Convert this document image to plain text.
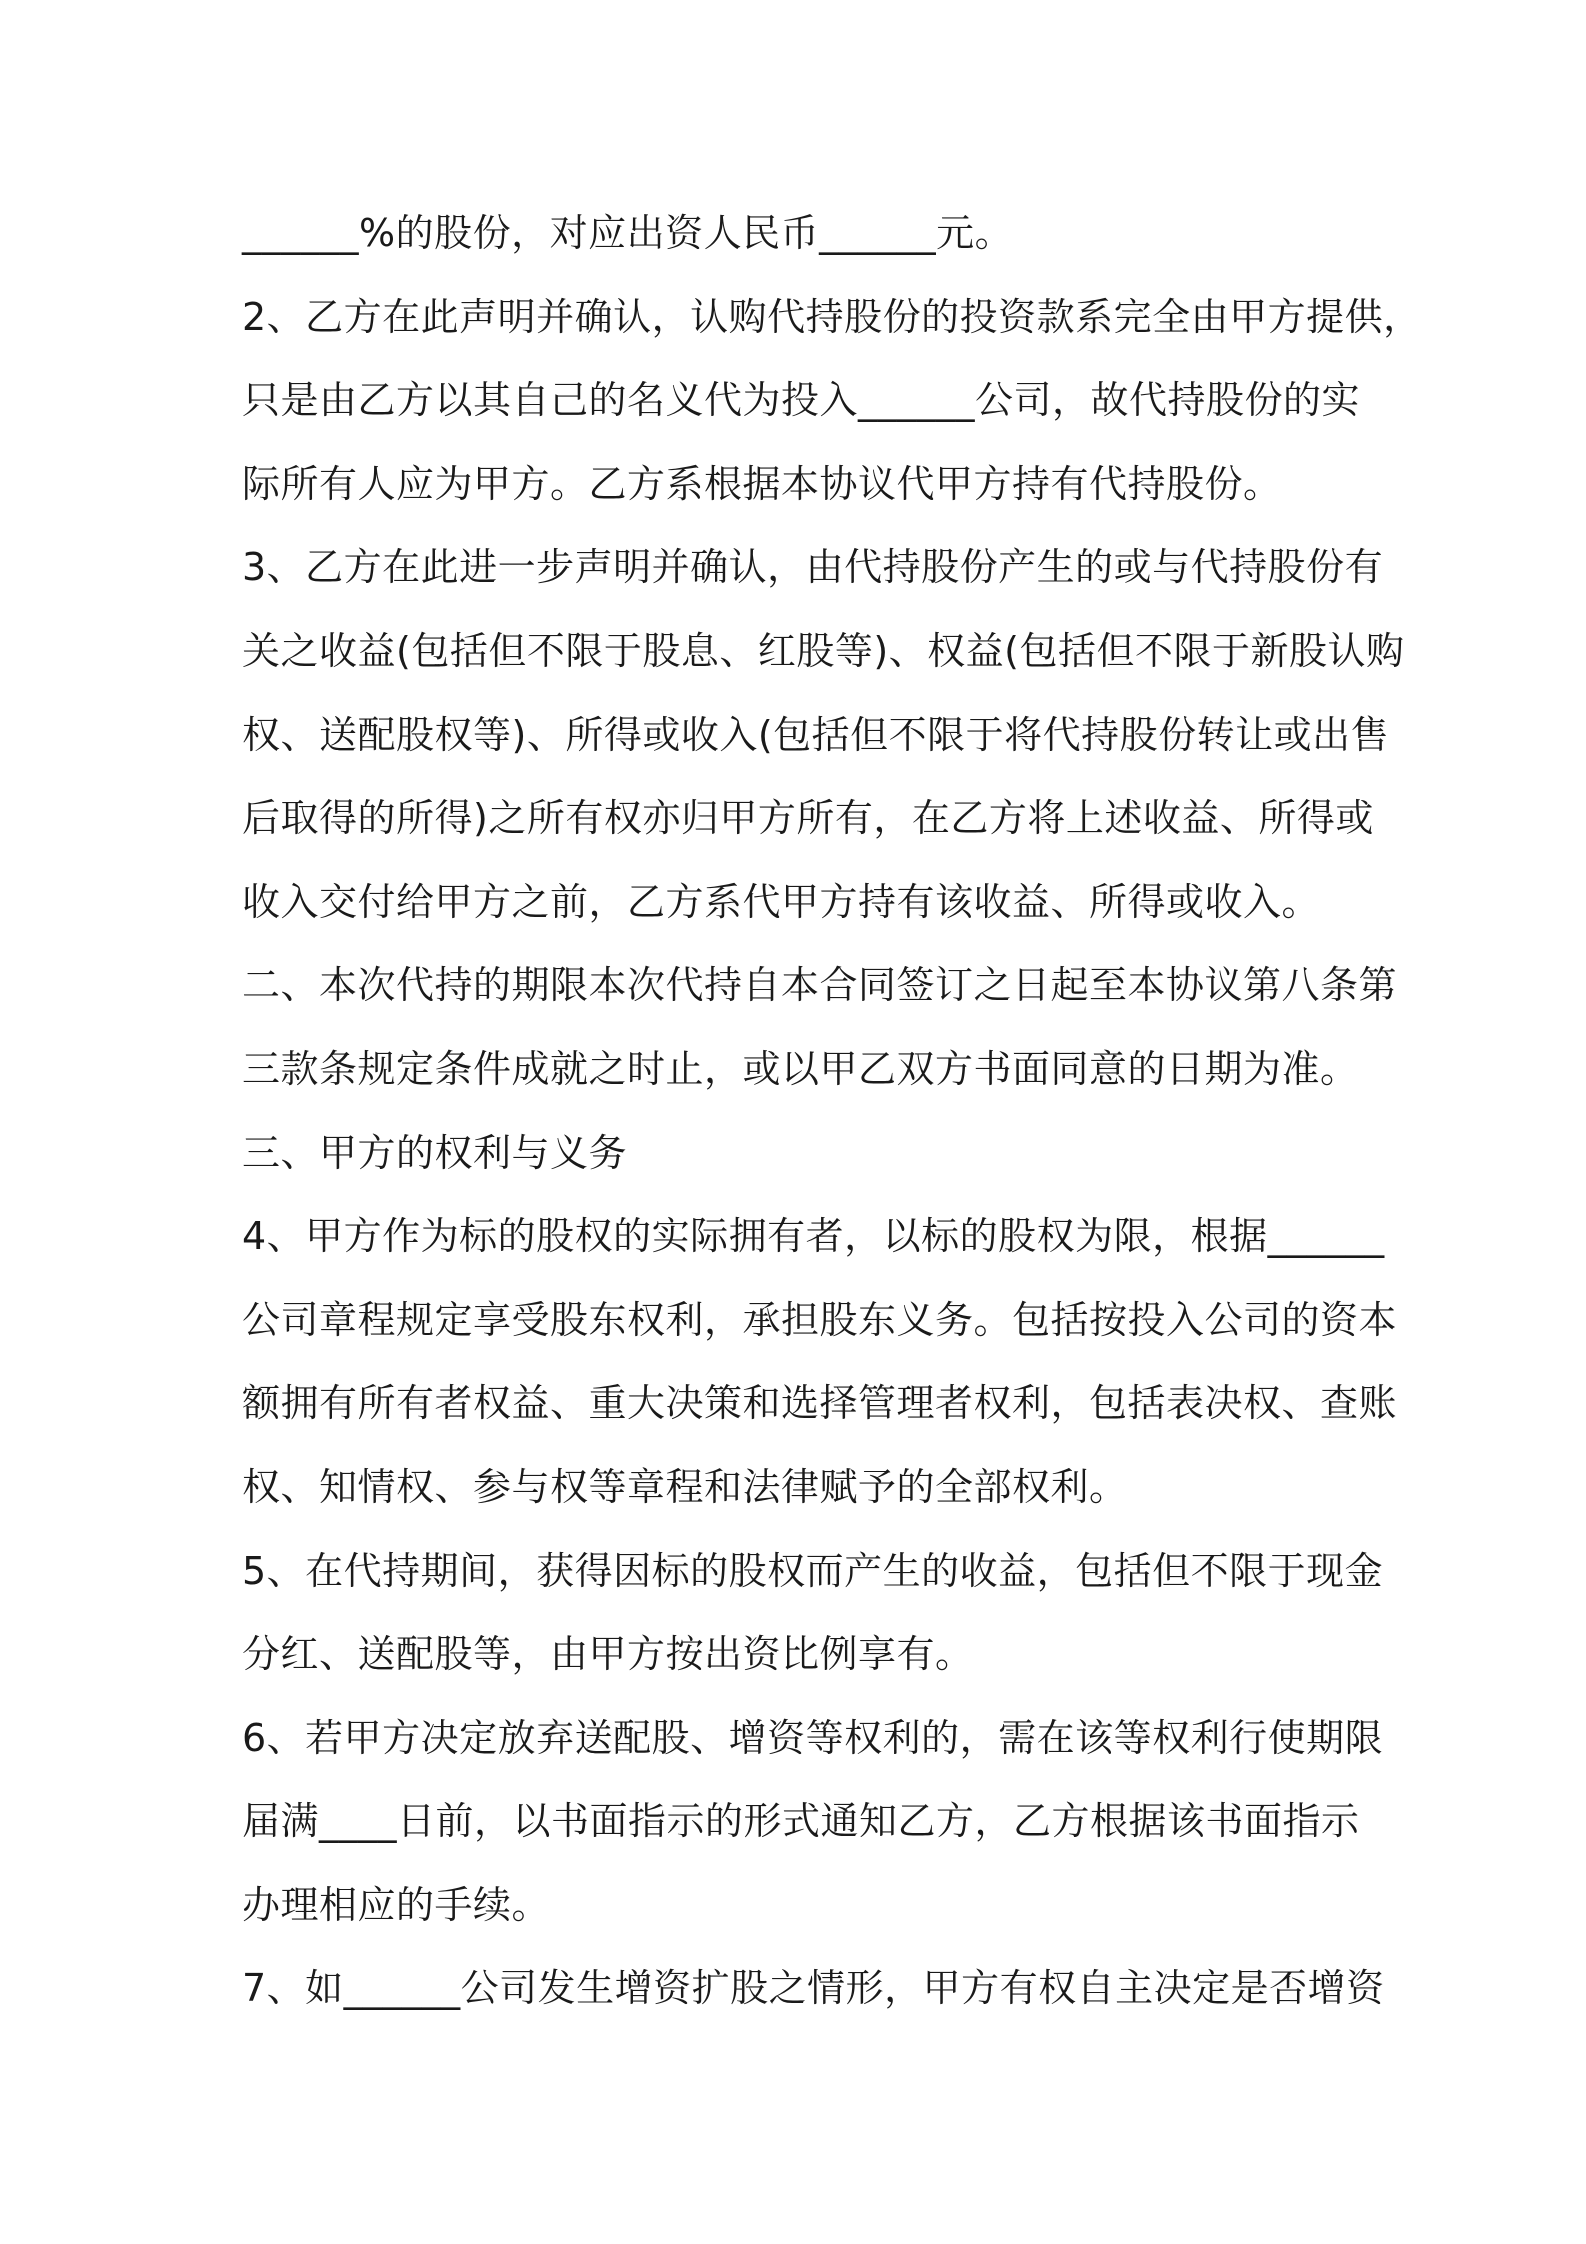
______%的股份，对应出资人民币______元。
2、乙方在此声明并确认，认购代持股份的投资款系完全由甲方提供，
只是由乙方以其自己的名义代为投入______公司，故代持股份的实
际所有人应为甲方。乙方系根据本协议代甲方持有代持股份。
3、乙方在此进一步声明并确认，由代持股份产生的或与代持股份有
关之收益(包括但不限于股息、红股等)、权益(包括但不限于新股认购
权、送配股权等)、所得或收入(包括但不限于将代持股份转让或出售
后取得的所得)之所有权亦归甲方所有，在乙方将上述收益、所得或
收入交付给甲方之前，乙方系代甲方持有该收益、所得或收入。
二、本次代持的期限本次代持自本合同签订之日起至本协议第八条第
三款条规定条件成就之时止，或以甲乙双方书面同意的日期为准。
三、甲方的权利与义务
4、甲方作为标的股权的实际拥有者，以标的股权为限，根据______
公司章程规定享受股东权利，承担股东义务。包括按投入公司的资本
额拥有所有者权益、重大决策和选择管理者权利，包括表决权、查账
权、知情权、参与权等章程和法律赋予的全部权利。
5、在代持期间，获得因标的股权而产生的收益，包括但不限于现金
分红、送配股等，由甲方按出资比例享有。
6、若甲方决定放弃送配股、增资等权利的，需在该等权利行使期限
届满____日前，以书面指示的形式通知乙方，乙方根据该书面指示
办理相应的手续。
7、如______公司发生增资扩股之情形，甲方有权自主决定是否增资
